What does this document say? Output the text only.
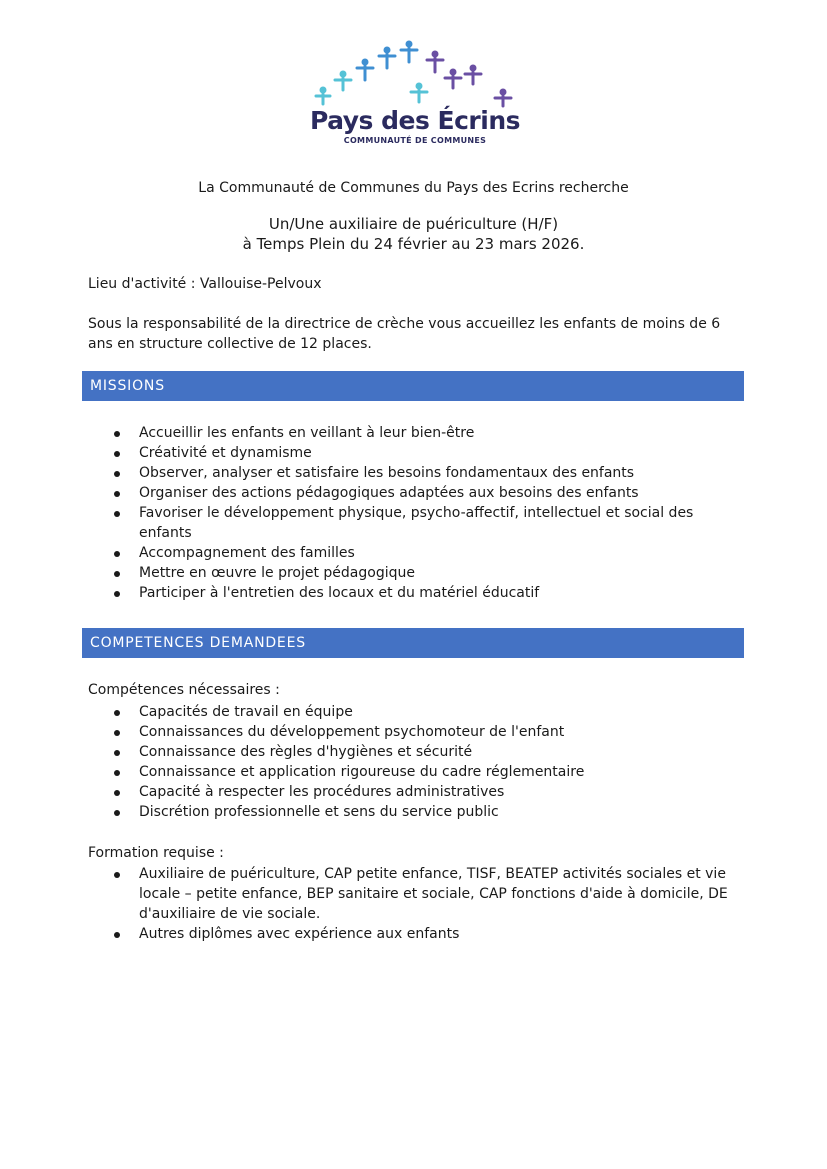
Pays des Écrins
COMMUNAUTÉ DE COMMUNES
La Communauté de Communes du Pays des Ecrins recherche
Un/Une auxiliaire de puériculture (H/F)
à Temps Plein du 24 février au 23 mars 2026.
Lieu d'activité : Vallouise-Pelvoux
Sous la responsabilité de la directrice de crèche vous accueillez les enfants de moins de 6 ans en structure collective de 12 places.
MISSIONS
Accueillir les enfants en veillant à leur bien-être
Créativité et dynamisme
Observer, analyser et satisfaire les besoins fondamentaux des enfants
Organiser des actions pédagogiques adaptées aux besoins des enfants
Favoriser le développement physique, psycho-affectif, intellectuel et social des enfants
Accompagnement des familles
Mettre en œuvre le projet pédagogique
Participer à l'entretien des locaux et du matériel éducatif
COMPETENCES DEMANDEES
Compétences nécessaires :
Capacités de travail en équipe
Connaissances du développement psychomoteur de l'enfant
Connaissance des règles d'hygiènes et sécurité
Connaissance et application rigoureuse du cadre réglementaire
Capacité à respecter les procédures administratives
Discrétion professionnelle et sens du service public
Formation requise :
Auxiliaire de puériculture, CAP petite enfance, TISF, BEATEP activités sociales et vie locale – petite enfance, BEP sanitaire et sociale, CAP fonctions d'aide à domicile, DE d'auxiliaire de vie sociale.
Autres diplômes avec expérience aux enfants
